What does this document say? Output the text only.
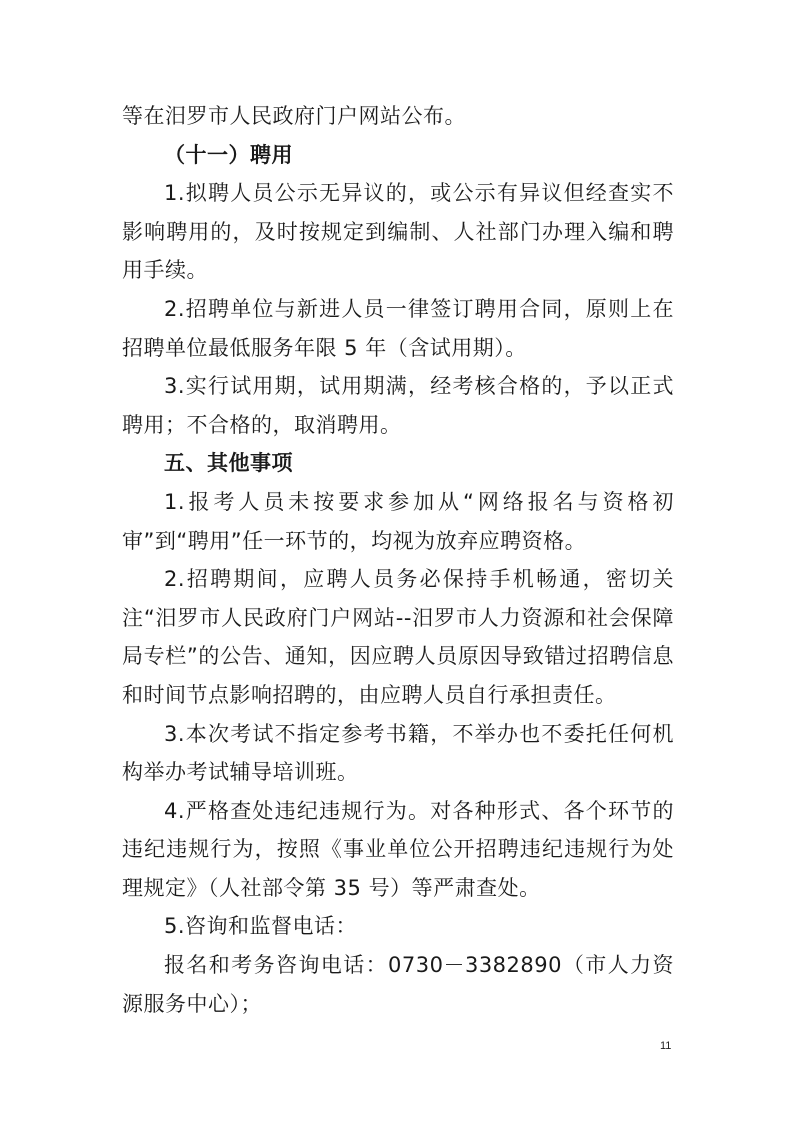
等在汨罗市人民政府门户网站公布。

（十一）聘用

1.拟聘人员公示无异议的，或公示有异议但经查实不影响聘用的，及时按规定到编制、人社部门办理入编和聘用手续。

2.招聘单位与新进人员一律签订聘用合同，原则上在招聘单位最低服务年限 5 年（含试用期）。

3.实行试用期，试用期满，经考核合格的，予以正式聘用；不合格的，取消聘用。

五、其他事项

1.报考人员未按要求参加从“网络报名与资格初审”到“聘用”任一环节的，均视为放弃应聘资格。

2.招聘期间，应聘人员务必保持手机畅通，密切关注“汨罗市人民政府门户网站--汨罗市人力资源和社会保障局专栏”的公告、通知，因应聘人员原因导致错过招聘信息和时间节点影响招聘的，由应聘人员自行承担责任。

3.本次考试不指定参考书籍，不举办也不委托任何机构举办考试辅导培训班。

4.严格查处违纪违规行为。对各种形式、各个环节的违纪违规行为，按照《事业单位公开招聘违纪违规行为处理规定》（人社部令第 35 号）等严肃查处。

5.咨询和监督电话：

报名和考务咨询电话：0730－3382890（市人力资源服务中心）；

11
